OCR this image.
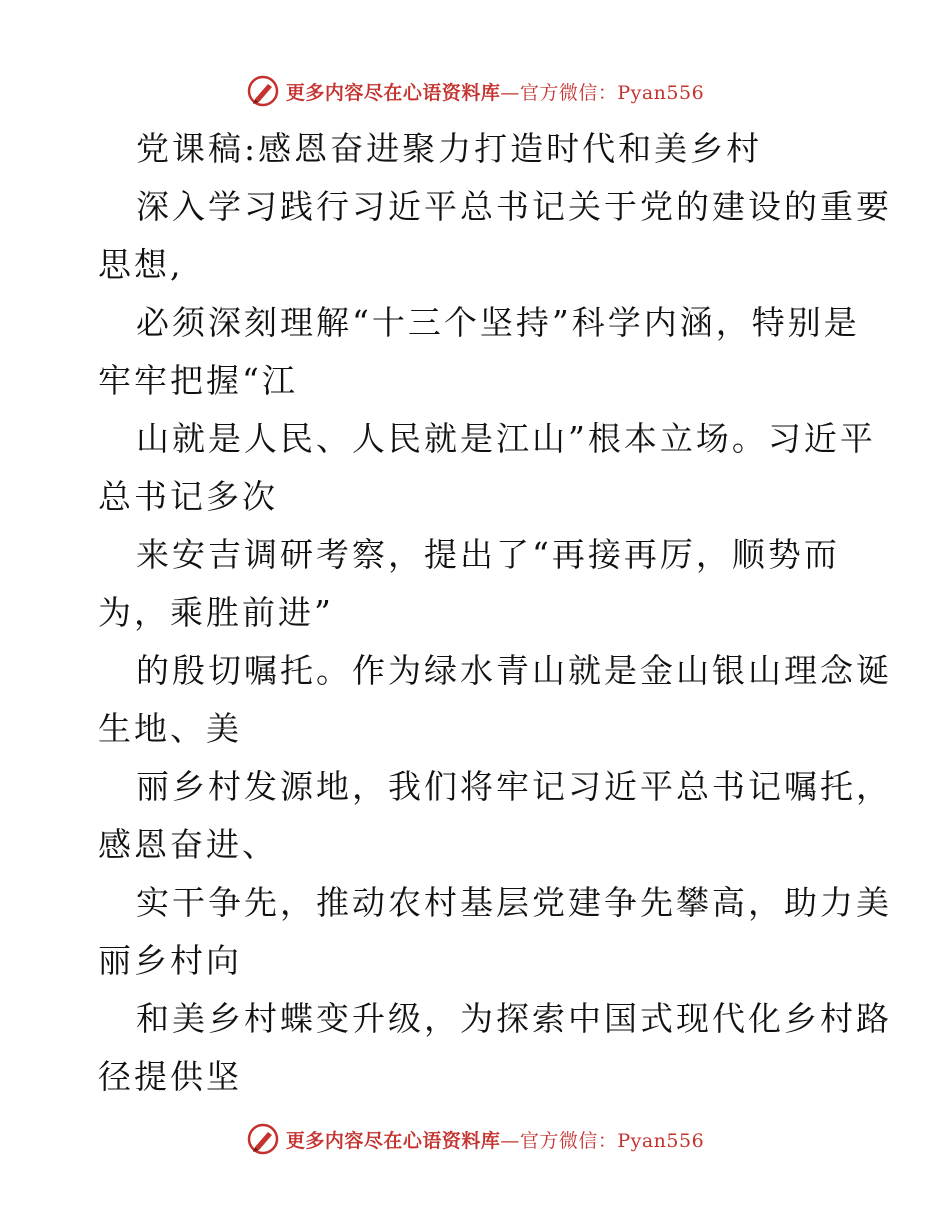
更多内容尽在心语资料库—官方微信：Pyan556
党课稿:感恩奋进聚力打造时代和美乡村
深入学习践行习近平总书记关于党的建设的重要
思想,
必须深刻理解“十三个坚持”科学内涵，特别是
牢牢把握“江
山就是人民、人民就是江山”根本立场。习近平
总书记多次
来安吉调研考察，提出了“再接再厉，顺势而
为，乘胜前进”
的殷切嘱托。作为绿水青山就是金山银山理念诞
生地、美
丽乡村发源地，我们将牢记习近平总书记嘱托，
感恩奋进、
实干争先，推动农村基层党建争先攀高，助力美
丽乡村向
和美乡村蝶变升级，为探索中国式现代化乡村路
径提供坚
更多内容尽在心语资料库—官方微信：Pyan556
